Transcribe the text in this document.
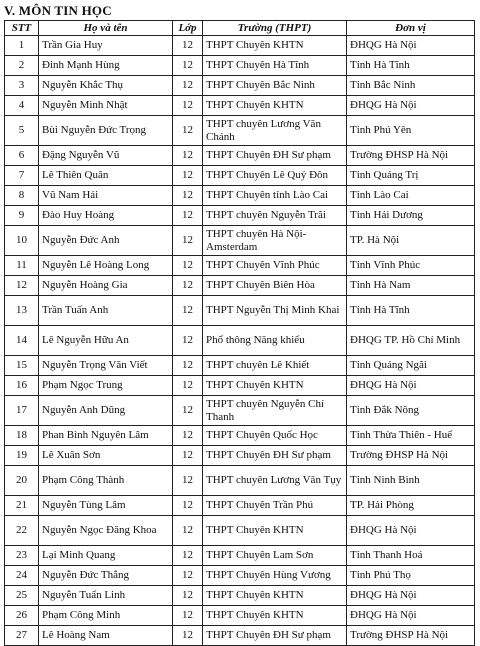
V. MÔN TIN HỌC
STT	Họ và tên	Lớp	Trường (THPT)	Đơn vị
1	Trần Gia Huy	12	THPT Chuyên KHTN	ĐHQG Hà Nội
2	Đinh Mạnh Hùng	12	THPT Chuyên Hà Tĩnh	Tỉnh Hà Tĩnh
3	Nguyễn Khắc Thụ	12	THPT Chuyên Bắc Ninh	Tỉnh Bắc Ninh
4	Nguyễn Minh Nhật	12	THPT Chuyên KHTN	ĐHQG Hà Nội
5	Bùi Nguyễn Đức Trọng	12	THPT chuyên Lương Văn Chánh	Tỉnh Phú Yên
6	Đặng Nguyễn Vũ	12	THPT Chuyên ĐH Sư phạm	Trường ĐHSP Hà Nội
7	Lê Thiên Quân	12	THPT Chuyên Lê Quý Đôn	Tỉnh Quảng Trị
8	Vũ Nam Hải	12	THPT Chuyên tỉnh Lào Cai	Tỉnh Lào Cai
9	Đào Huy Hoàng	12	THPT chuyên Nguyễn Trãi	Tỉnh Hải Dương
10	Nguyễn Đức Anh	12	THPT chuyên Hà Nội-Amsterdam	TP. Hà Nội
11	Nguyễn Lê Hoàng Long	12	THPT Chuyên Vĩnh Phúc	Tỉnh Vĩnh Phúc
12	Nguyễn Hoàng Gia	12	THPT Chuyên Biên Hòa	Tỉnh Hà Nam
13	Trần Tuấn Anh	12	THPT Nguyễn Thị Minh Khai	Tỉnh Hà Tĩnh
14	Lê Nguyễn Hữu An	12	Phổ thông Năng khiếu	ĐHQG TP. Hồ Chí Minh
15	Nguyễn Trọng Văn Viết	12	THPT chuyên Lê Khiết	Tỉnh Quảng Ngãi
16	Phạm Ngọc Trung	12	THPT Chuyên KHTN	ĐHQG Hà Nội
17	Nguyễn Anh Dũng	12	THPT chuyên Nguyễn Chí Thanh	Tỉnh Đắk Nông
18	Phan Bình Nguyên Lâm	12	THPT Chuyên Quốc Học	Tỉnh Thừa Thiên - Huế
19	Lê Xuân Sơn	12	THPT Chuyên ĐH Sư phạm	Trường ĐHSP Hà Nội
20	Phạm Công Thành	12	THPT chuyên Lương Văn Tụy	Tỉnh Ninh Bình
21	Nguyễn Tùng Lâm	12	THPT Chuyên Trần Phú	TP. Hải Phòng
22	Nguyễn Ngọc Đăng Khoa	12	THPT Chuyên KHTN	ĐHQG Hà Nội
23	Lại Minh Quang	12	THPT Chuyên Lam Sơn	Tỉnh Thanh Hoá
24	Nguyễn Đức Thắng	12	THPT Chuyên Hùng Vương	Tỉnh Phú Thọ
25	Nguyễn Tuấn Linh	12	THPT Chuyên KHTN	ĐHQG Hà Nội
26	Phạm Công Minh	12	THPT Chuyên KHTN	ĐHQG Hà Nội
27	Lê Hoàng Nam	12	THPT Chuyên ĐH Sư phạm	Trường ĐHSP Hà Nội
